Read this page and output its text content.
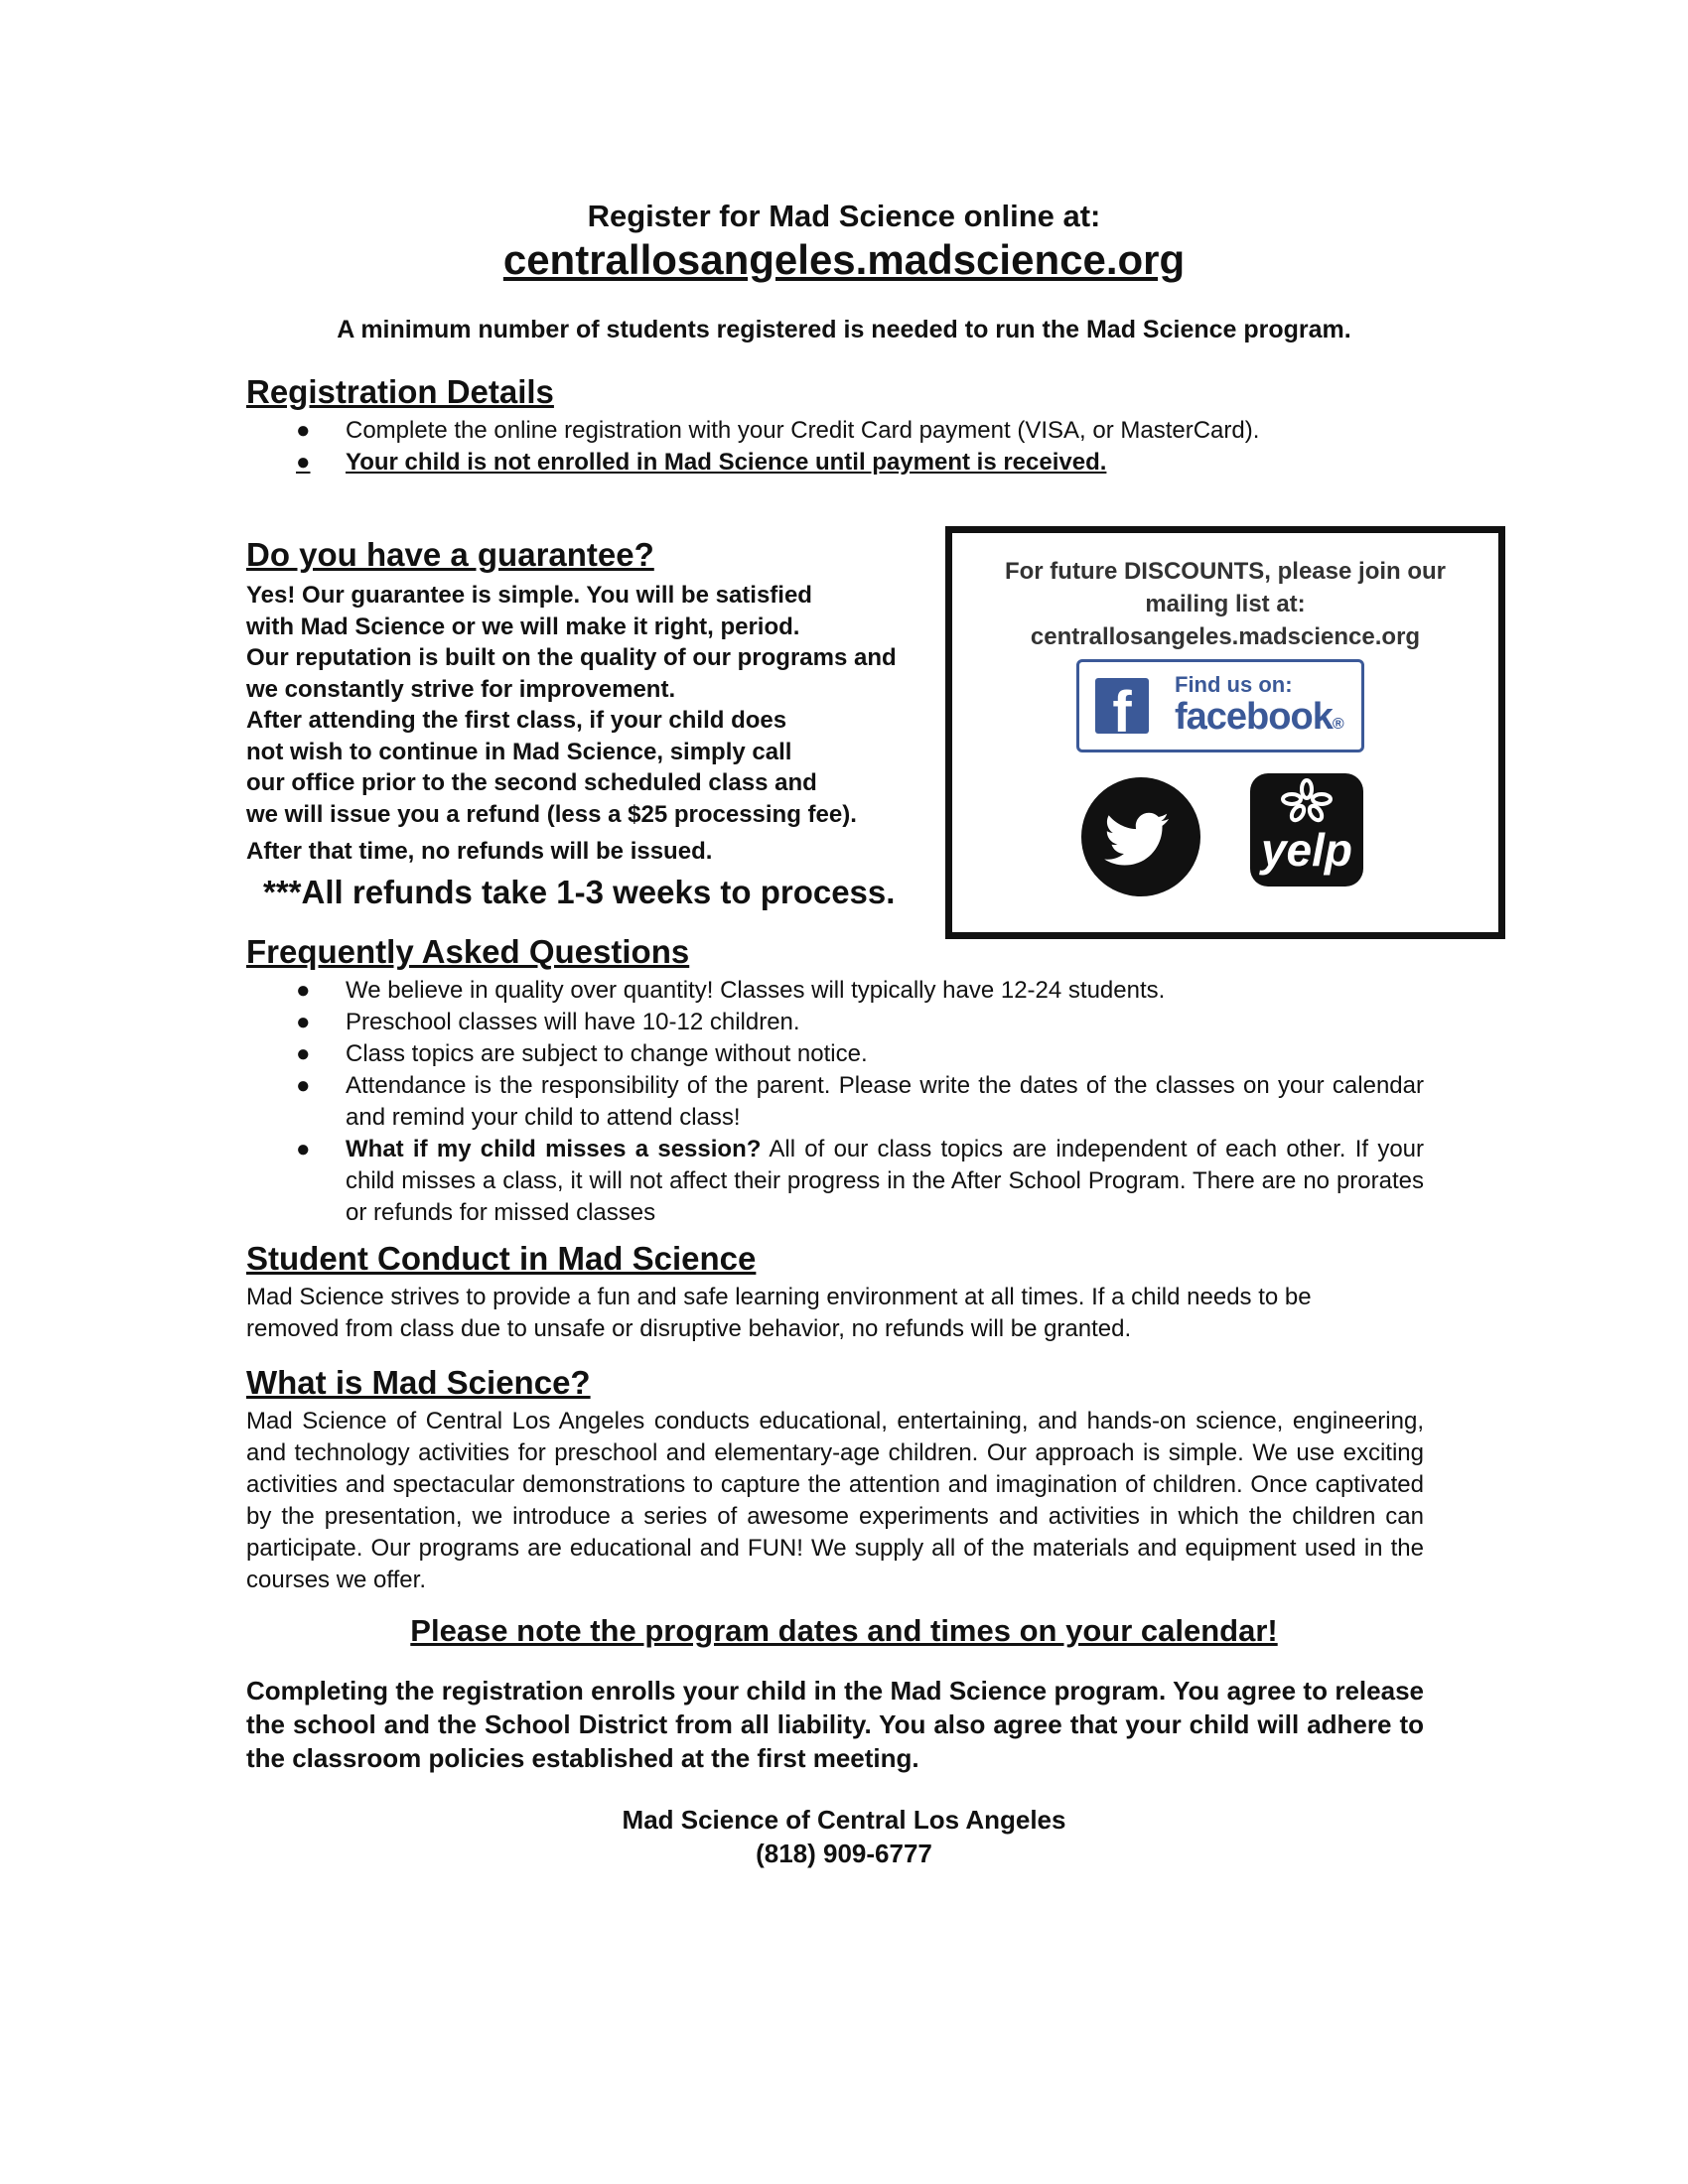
Register for Mad Science online at:
centrallosangeles.madscience.org
A minimum number of students registered is needed to run the Mad Science program.
Registration Details
● Complete the online registration with your Credit Card payment (VISA, or MasterCard).
● Your child is not enrolled in Mad Science until payment is received.
Do you have a guarantee?
Yes! Our guarantee is simple. You will be satisfied
with Mad Science or we will make it right, period.
Our reputation is built on the quality of our programs and
we constantly strive for improvement.
After attending the first class, if your child does
not wish to continue in Mad Science, simply call
our office prior to the second scheduled class and
we will issue you a refund (less a $25 processing fee).
After that time, no refunds will be issued.
***All refunds take 1-3 weeks to process.
For future DISCOUNTS, please join our
mailing list at:
centrallosangeles.madscience.org
f	Find us on:
facebook®
yelp
Frequently Asked Questions
● We believe in quality over quantity! Classes will typically have 12-24 students.
● Preschool classes will have 10-12 children.
● Class topics are subject to change without notice.
● Attendance is the responsibility of the parent. Please write the dates of the classes on your calendar and remind your child to attend class!
● What if my child misses a session? All of our class topics are independent of each other. If your child misses a class, it will not affect their progress in the After School Program. There are no prorates or refunds for missed classes
Student Conduct in Mad Science
Mad Science strives to provide a fun and safe learning environment at all times. If a child needs to be removed from class due to unsafe or disruptive behavior, no refunds will be granted.
What is Mad Science?
Mad Science of Central Los Angeles conducts educational, entertaining, and hands-on science, engineering, and technology activities for preschool and elementary-age children. Our approach is simple. We use exciting activities and spectacular demonstrations to capture the attention and imagination of children. Once captivated by the presentation, we introduce a series of awesome experiments and activities in which the children can participate. Our programs are educational and FUN! We supply all of the materials and equipment used in the courses we offer.
Please note the program dates and times on your calendar!
Completing the registration enrolls your child in the Mad Science program. You agree to release the school and the School District from all liability. You also agree that your child will adhere to the classroom policies established at the first meeting.
Mad Science of Central Los Angeles
(818) 909-6777
